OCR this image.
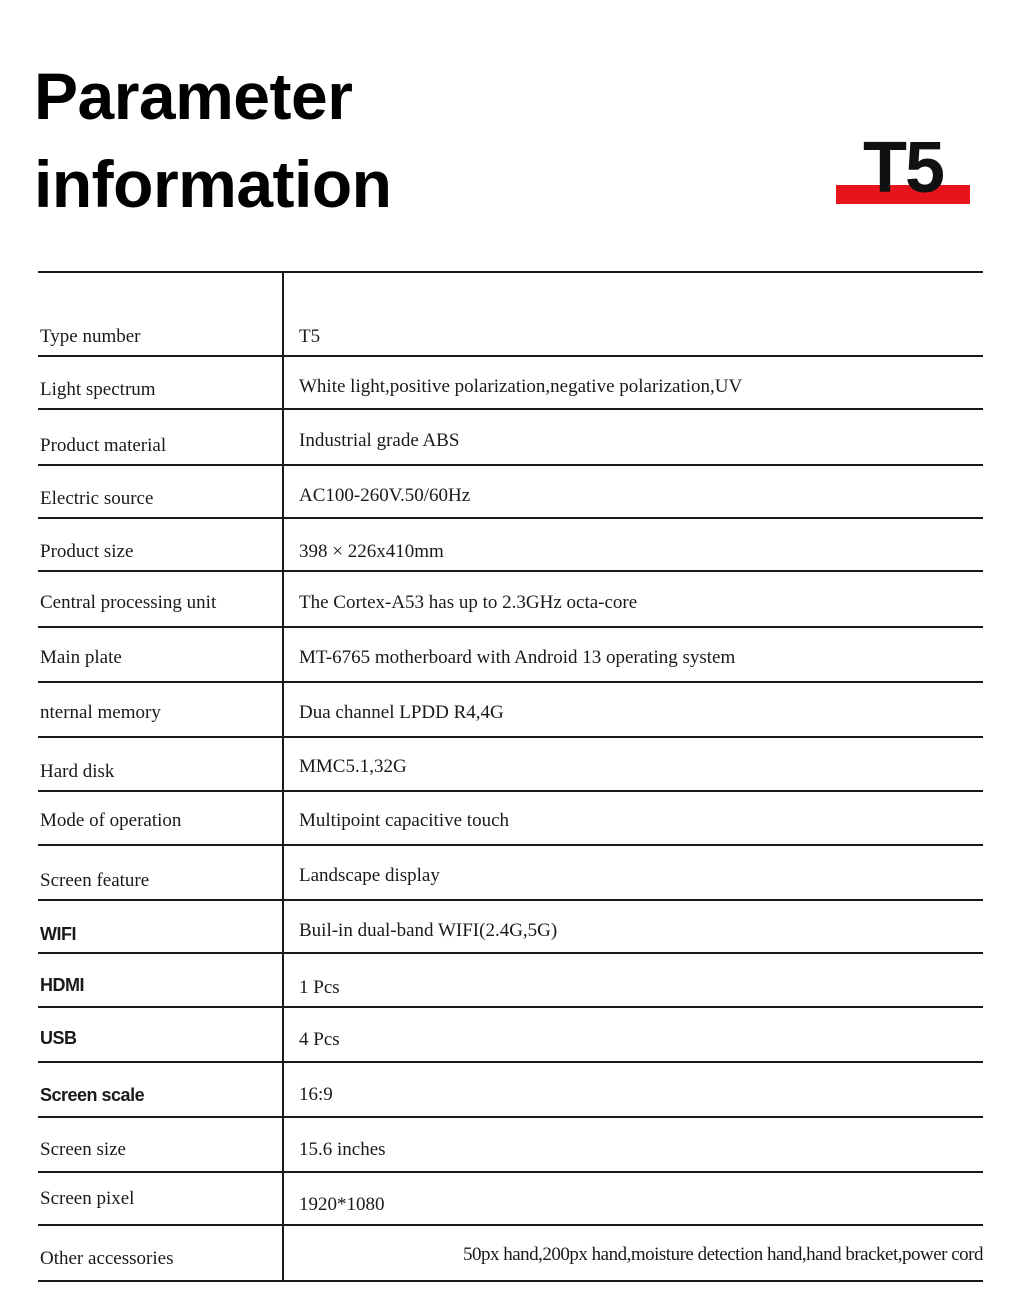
Parameter
information	T5
Type number	T5
Light spectrum	White light,positive polarization,negative polarization,UV
Product material	Industrial grade ABS
Electric source	AC100-260V.50/60Hz
Product size	398 × 226x410mm
Central processing unit	The Cortex-A53 has up to 2.3GHz octa-core
Main plate	MT-6765 motherboard with Android 13 operating system
nternal memory	Dua channel LPDD R4,4G
Hard disk	MMC5.1,32G
Mode of operation	Multipoint capacitive touch
Screen feature	Landscape display
WIFI	Buil-in dual-band WIFI(2.4G,5G)
HDMI	1 Pcs
USB	4 Pcs
Screen scale	16:9
Screen size	15.6 inches
Screen pixel	1920*1080
Other accessories	50px hand,200px hand,moisture detection hand,hand bracket,power cord
